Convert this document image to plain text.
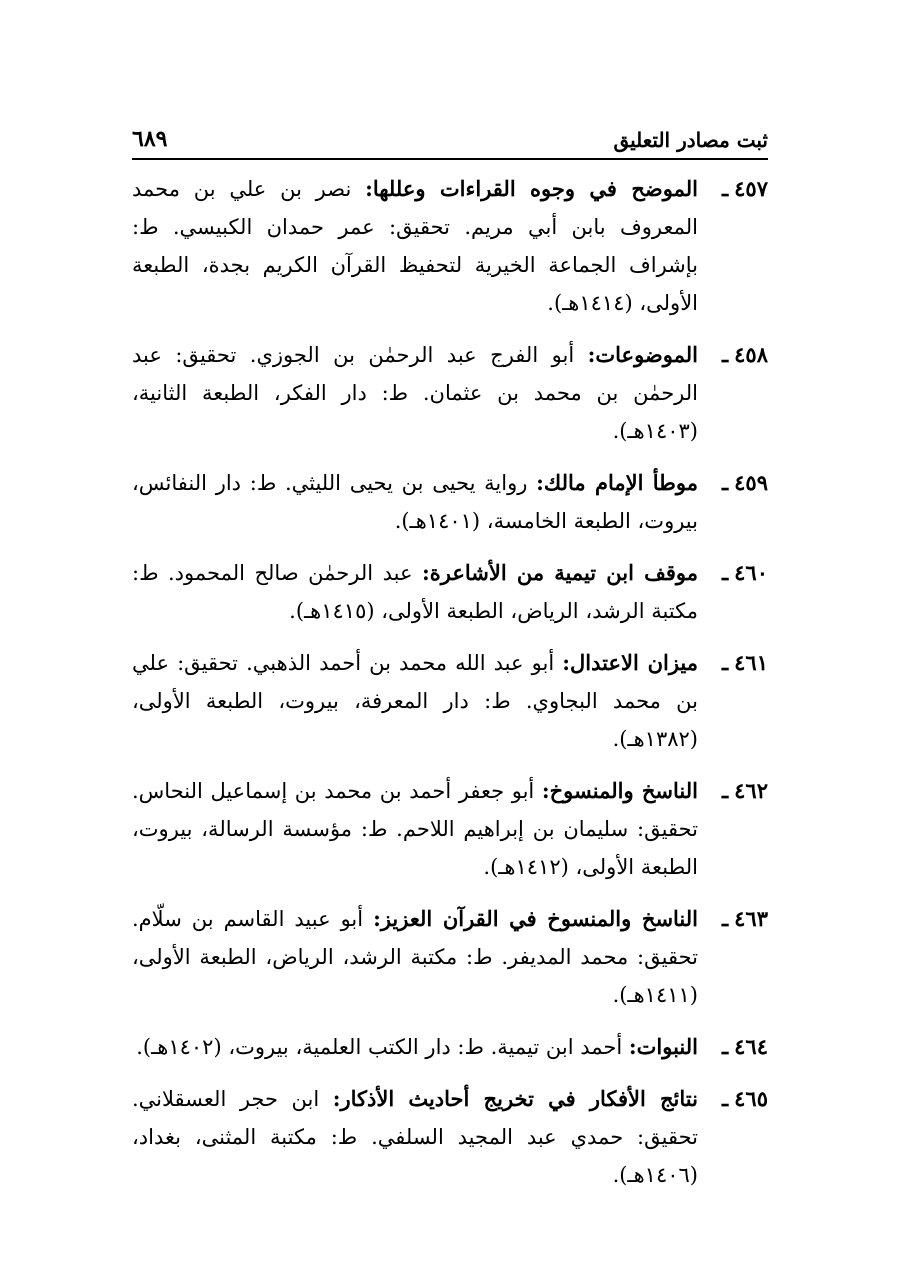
ثبت مصادر التعليق
٦٨٩
٤٥٧ـ
الموضح في وجوه القراءات وعللها: نصر بن علي بن محمد المعروف بابن أبي مريم. تحقيق: عمر حمدان الكبيسي. ط: بإشراف الجماعة الخيرية لتحفيظ القرآن الكريم بجدة، الطبعة الأولى، (١٤١٤هـ).
٤٥٨ـ
الموضوعات: أبو الفرج عبد الرحمٰن بن الجوزي. تحقيق: عبد الرحمٰن بن محمد بن عثمان. ط: دار الفكر، الطبعة الثانية، (١٤٠٣هـ).
٤٥٩ـ
موطأ الإمام مالك: رواية يحيى بن يحيى الليثي. ط: دار النفائس، بيروت، الطبعة الخامسة، (١٤٠١هـ).
٤٦٠ـ
موقف ابن تيمية من الأشاعرة: عبد الرحمٰن صالح المحمود. ط: مكتبة الرشد، الرياض، الطبعة الأولى، (١٤١٥هـ).
٤٦١ـ
ميزان الاعتدال: أبو عبد الله محمد بن أحمد الذهبي. تحقيق: علي بن محمد البجاوي. ط: دار المعرفة، بيروت، الطبعة الأولى، (١٣٨٢هـ).
٤٦٢ـ
الناسخ والمنسوخ: أبو جعفر أحمد بن محمد بن إسماعيل النحاس. تحقيق: سليمان بن إبراهيم اللاحم. ط: مؤسسة الرسالة، بيروت، الطبعة الأولى، (١٤١٢هـ).
٤٦٣ـ
الناسخ والمنسوخ في القرآن العزيز: أبو عبيد القاسم بن سلّام. تحقيق: محمد المديفر. ط: مكتبة الرشد، الرياض، الطبعة الأولى، (١٤١١هـ).
٤٦٤ـ
النبوات: أحمد ابن تيمية. ط: دار الكتب العلمية، بيروت، (١٤٠٢هـ).
٤٦٥ـ
نتائج الأفكار في تخريج أحاديث الأذكار: ابن حجر العسقلاني. تحقيق: حمدي عبد المجيد السلفي. ط: مكتبة المثنى، بغداد، (١٤٠٦هـ).
